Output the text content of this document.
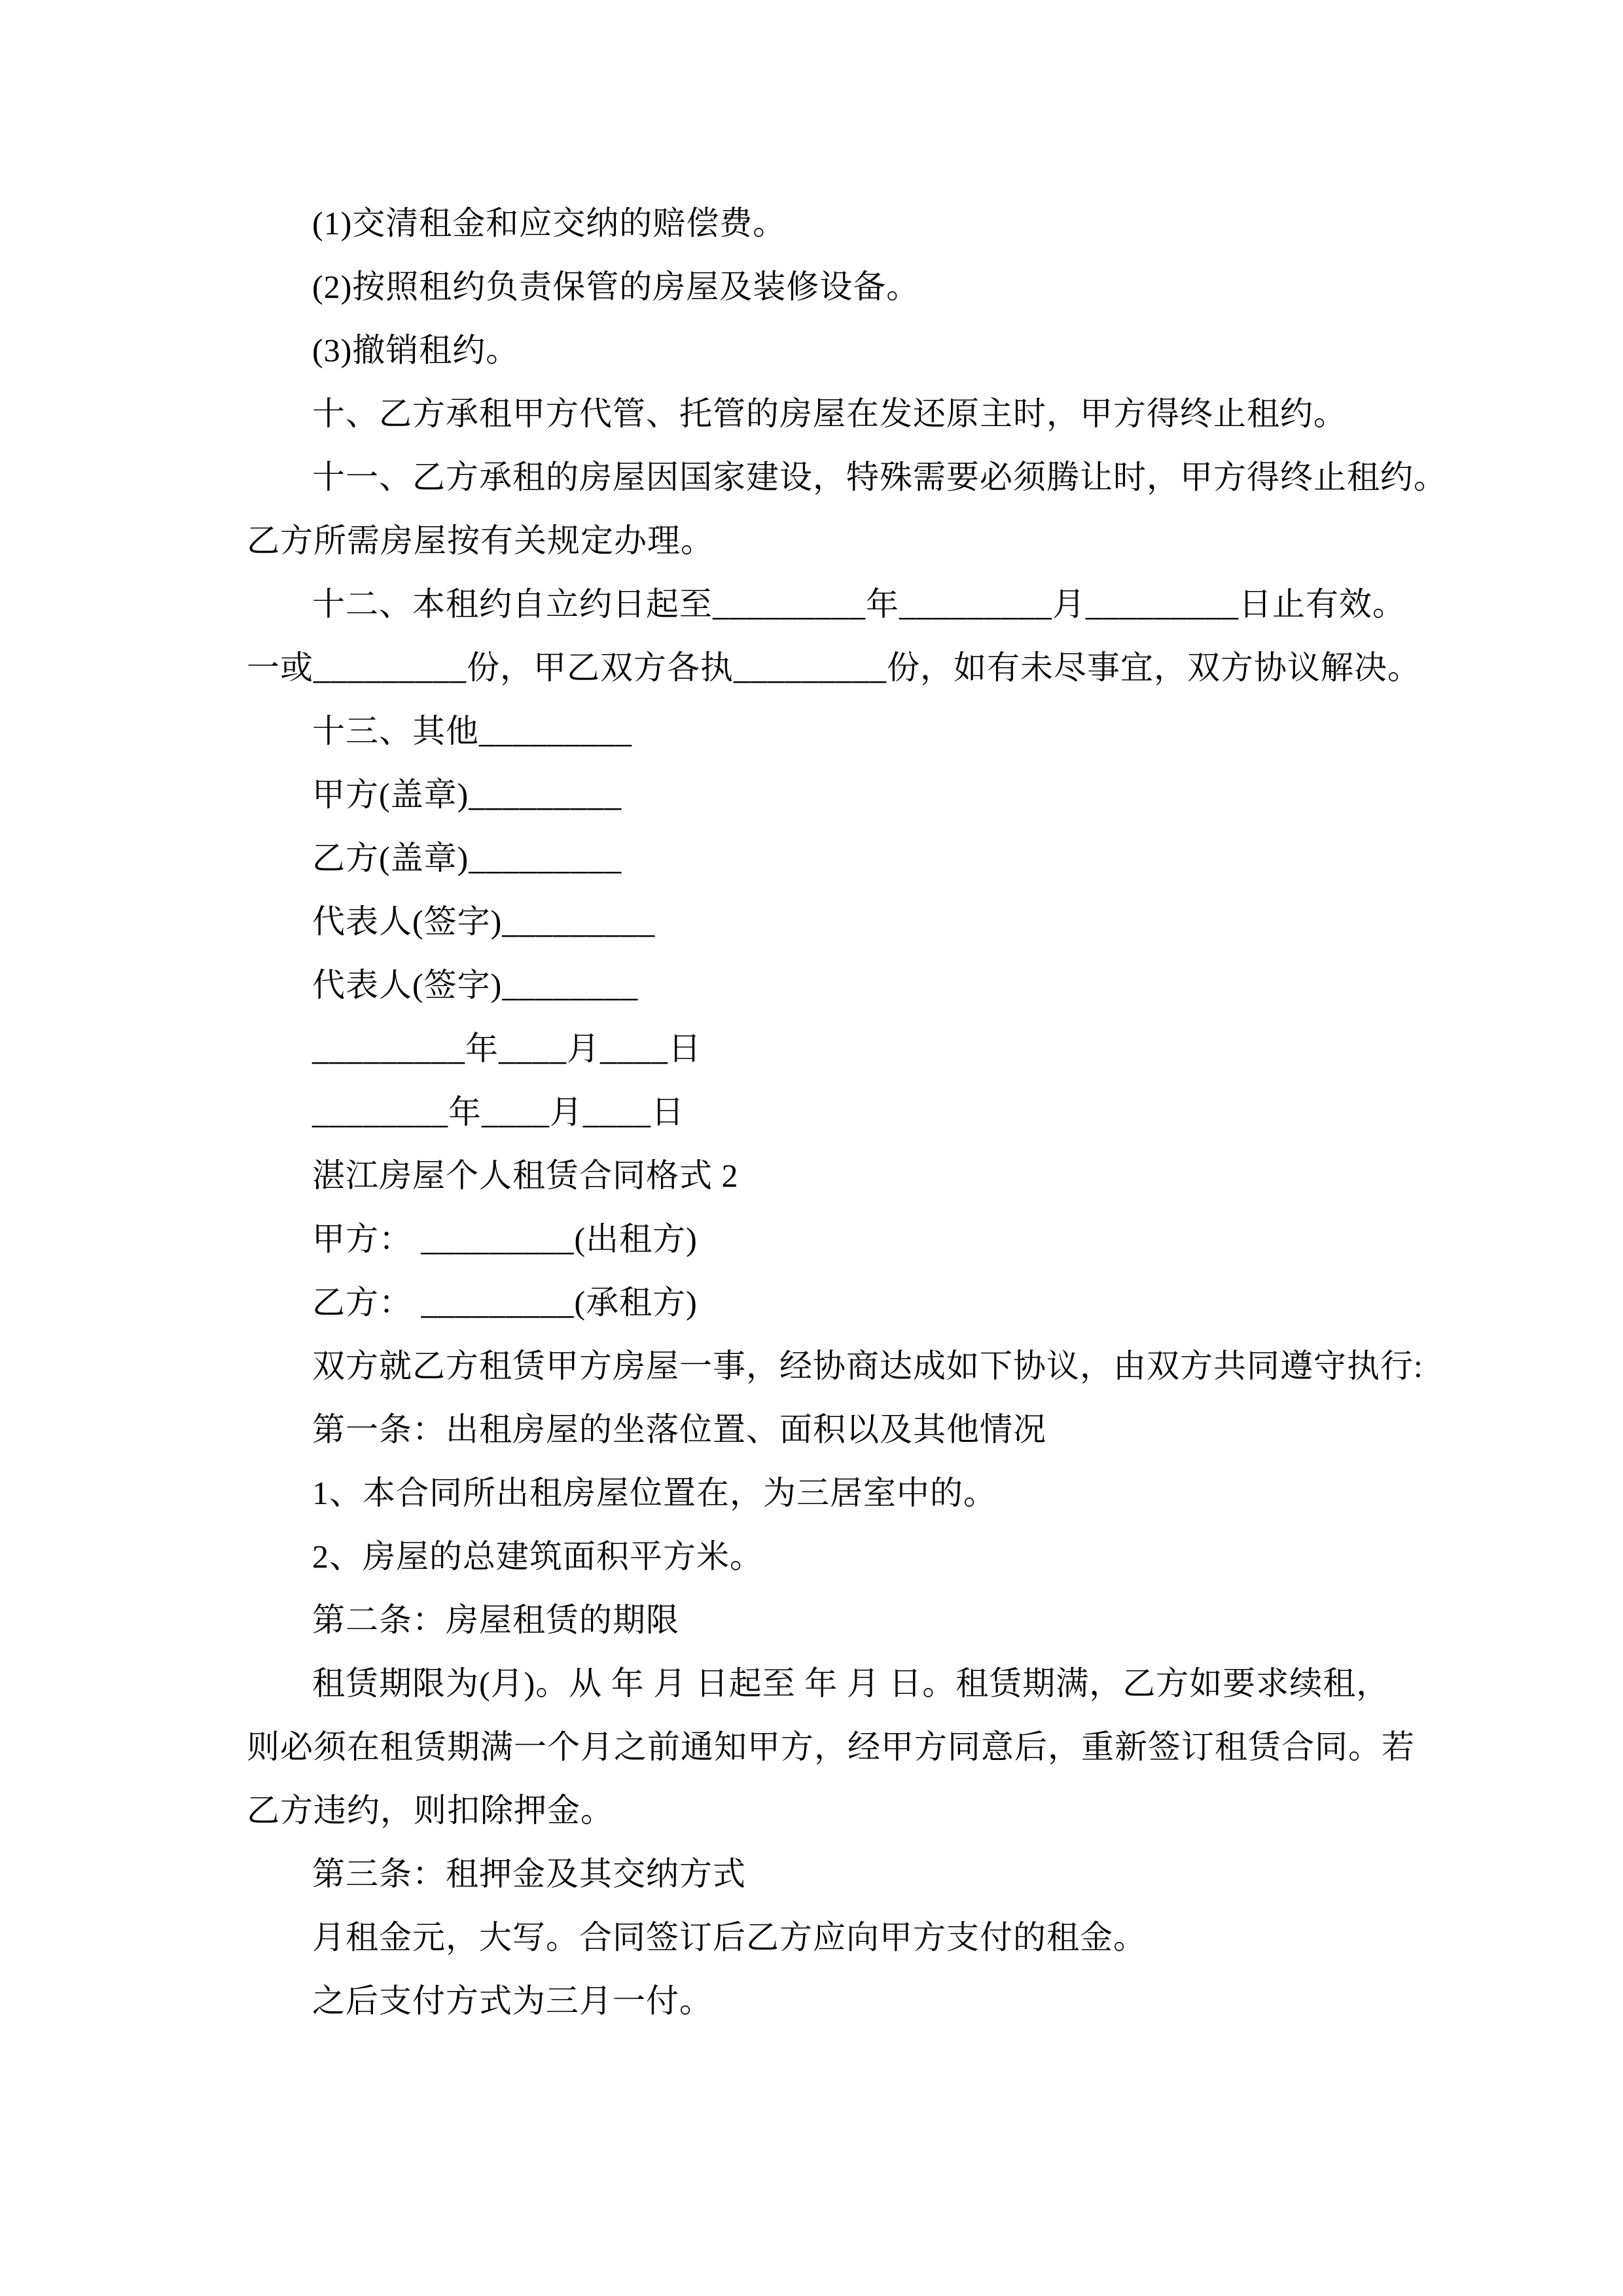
(1)交清租金和应交纳的赔偿费。

(2)按照租约负责保管的房屋及装修设备。

(3)撤销租约。

十、乙方承租甲方代管、托管的房屋在发还原主时，甲方得终止租约。

十一、乙方承租的房屋因国家建设，特殊需要必须腾让时，甲方得终止租约。

乙方所需房屋按有关规定办理。

十二、本租约自立约日起至_________年_________月_________日止有效。

一或_________份，甲乙双方各执_________份，如有未尽事宜，双方协议解决。

十三、其他_________

甲方(盖章)_________

乙方(盖章)_________

代表人(签字)_________

代表人(签字)________

_________年____月____日

________年____月____日

湛江房屋个人租赁合同格式 2

甲方： _________(出租方)

乙方： _________(承租方)

双方就乙方租赁甲方房屋一事，经协商达成如下协议，由双方共同遵守执行:

第一条：出租房屋的坐落位置、面积以及其他情况

1、本合同所出租房屋位置在，为三居室中的。

2、房屋的总建筑面积平方米。

第二条：房屋租赁的期限

租赁期限为(月)。从 年 月 日起至 年 月 日。租赁期满，乙方如要求续租，

则必须在租赁期满一个月之前通知甲方，经甲方同意后，重新签订租赁合同。若

乙方违约，则扣除押金。

第三条：租押金及其交纳方式

月租金元，大写。合同签订后乙方应向甲方支付的租金。

之后支付方式为三月一付。
